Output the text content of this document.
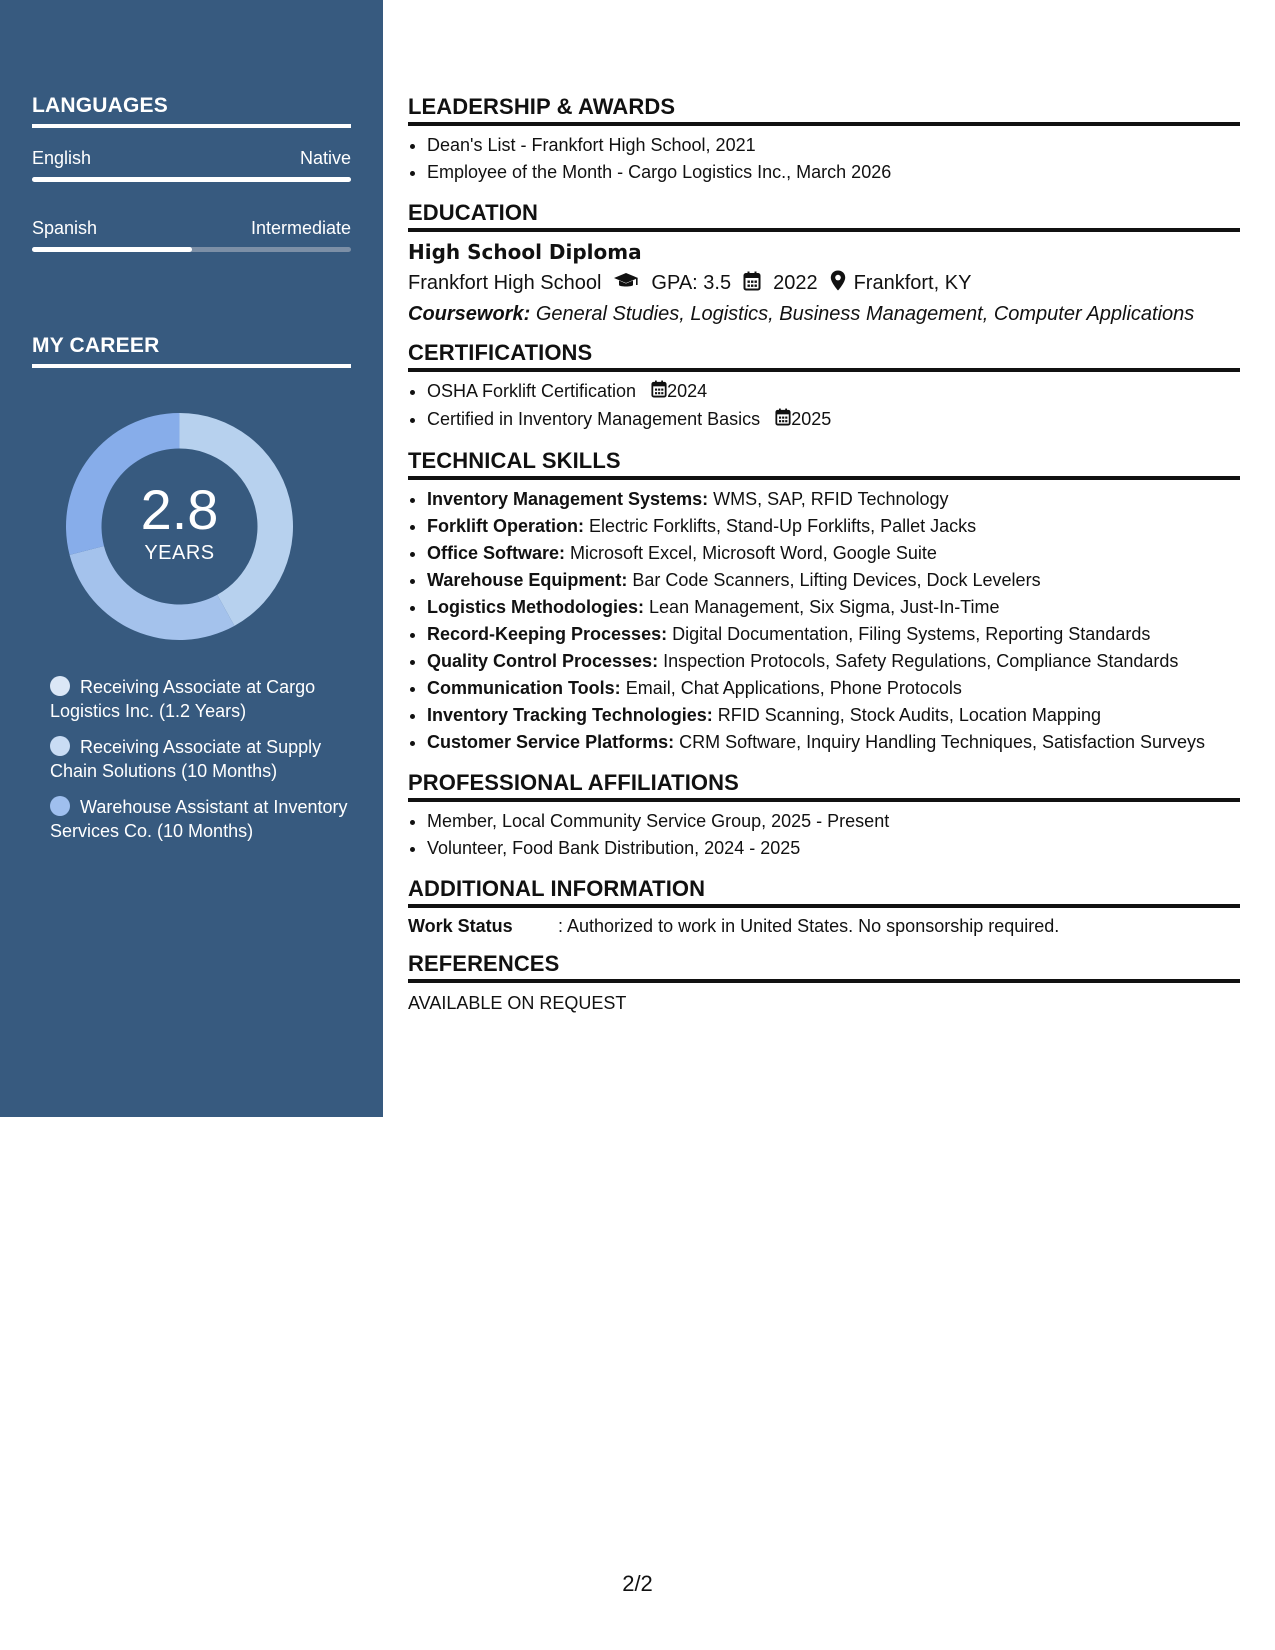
LANGUAGES
English	Native
Spanish	Intermediate
MY CAREER
2.8
YEARS
Receiving Associate at Cargo Logistics Inc. (1.2 Years)
Receiving Associate at Supply Chain Solutions (10 Months)
Warehouse Assistant at Inventory Services Co. (10 Months)
LEADERSHIP & AWARDS
• Dean's List - Frankfort High School, 2021
• Employee of the Month - Cargo Logistics Inc., March 2026
EDUCATION
High School Diploma
Frankfort High School	GPA: 3.5 2022 Frankfort, KY
Coursework: General Studies, Logistics, Business Management, Computer Applications
CERTIFICATIONS
• OSHA Forklift Certification 2024
• Certified in Inventory Management Basics 2025
TECHNICAL SKILLS
• Inventory Management Systems: WMS, SAP, RFID Technology
• Forklift Operation: Electric Forklifts, Stand-Up Forklifts, Pallet Jacks
• Office Software: Microsoft Excel, Microsoft Word, Google Suite
• Warehouse Equipment: Bar Code Scanners, Lifting Devices, Dock Levelers
• Logistics Methodologies: Lean Management, Six Sigma, Just-In-Time
• Record-Keeping Processes: Digital Documentation, Filing Systems, Reporting Standards
• Quality Control Processes: Inspection Protocols, Safety Regulations, Compliance Standards
• Communication Tools: Email, Chat Applications, Phone Protocols
• Inventory Tracking Technologies: RFID Scanning, Stock Audits, Location Mapping
• Customer Service Platforms: CRM Software, Inquiry Handling Techniques, Satisfaction Surveys
PROFESSIONAL AFFILIATIONS
• Member, Local Community Service Group, 2025 - Present
• Volunteer, Food Bank Distribution, 2024 - 2025
ADDITIONAL INFORMATION
Work Status	: Authorized to work in United States. No sponsorship required.
REFERENCES
AVAILABLE ON REQUEST
2/2
